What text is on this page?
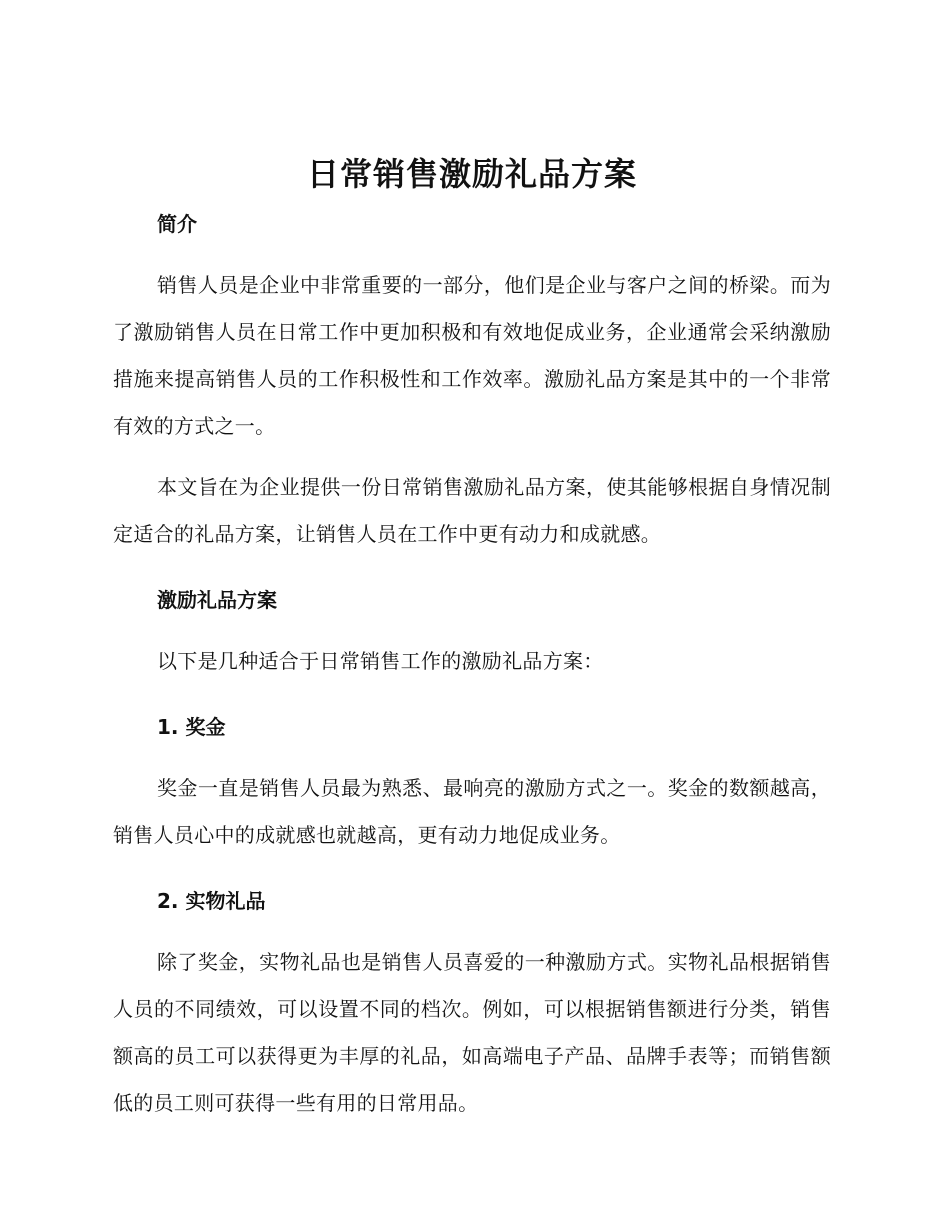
日常销售激励礼品方案

简介

销售人员是企业中非常重要的一部分，他们是企业与客户之间的桥梁。而为了激励销售人员在日常工作中更加积极和有效地促成业务，企业通常会采纳激励措施来提高销售人员的工作积极性和工作效率。激励礼品方案是其中的一个非常有效的方式之一。

本文旨在为企业提供一份日常销售激励礼品方案，使其能够根据自身情况制定适合的礼品方案，让销售人员在工作中更有动力和成就感。

激励礼品方案

以下是几种适合于日常销售工作的激励礼品方案：

1. 奖金

奖金一直是销售人员最为熟悉、最响亮的激励方式之一。奖金的数额越高，销售人员心中的成就感也就越高，更有动力地促成业务。

2. 实物礼品

除了奖金，实物礼品也是销售人员喜爱的一种激励方式。实物礼品根据销售人员的不同绩效，可以设置不同的档次。例如，可以根据销售额进行分类，销售额高的员工可以获得更为丰厚的礼品，如高端电子产品、品牌手表等；而销售额低的员工则可获得一些有用的日常用品。
